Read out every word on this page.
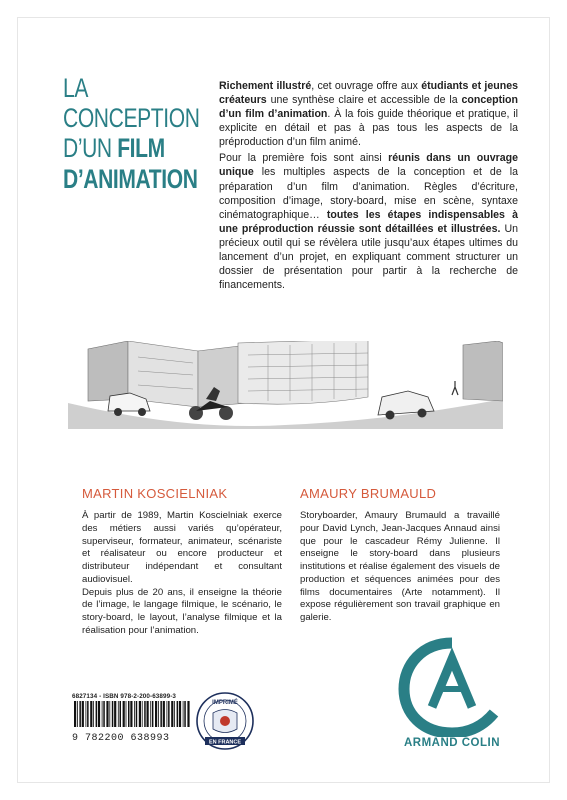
LA
CONCEPTION
D’UN FILM
D’ANIMATION

Richement illustré, cet ouvrage offre aux étudiants et jeunes créateurs une synthèse claire et accessible de la conception d’un film d’animation. À la fois guide théorique et pratique, il explicite en détail et pas à pas tous les aspects de la préproduction d’un film animé.

Pour la première fois sont ainsi réunis dans un ouvrage unique les multiples aspects de la conception et de la préparation d’un film d’animation. Règles d’écriture, composition d’image, story-board, mise en scène, syntaxe cinématographique… toutes les étapes indispensables à une préproduction réussie sont détaillées et illustrées. Un précieux outil qui se révèlera utile jusqu’aux étapes ultimes du lancement d’un projet, en expliquant comment structurer un dossier de présentation pour partir à la recherche de financements.

MARTIN KOSCIELNIAK

À partir de 1989, Martin Koscielniak exerce des métiers aussi variés qu’opérateur, superviseur, formateur, animateur, scénariste et réalisateur ou encore producteur et distributeur indépendant et consultant audiovisuel.

Depuis plus de 20 ans, il enseigne la théorie de l’image, le langage filmique, le scénario, le story-board, le layout, l’analyse filmique et la réalisation pour l’animation.

AMAURY BRUMAULD

Storyboarder, Amaury Brumauld a travaillé pour David Lynch, Jean-Jacques Annaud ainsi que pour le cascadeur Rémy Julienne. Il enseigne le story-board dans plusieurs institutions et réalise également des visuels de production et séquences animées pour des films documentaires (Arte notamment). Il expose régulièrement son travail graphique en galerie.

6827134 - ISBN 978-2-200-63899-3
9 782200 638993
IMPRIMÉ
EN FRANCE	ARMAND COLIN
